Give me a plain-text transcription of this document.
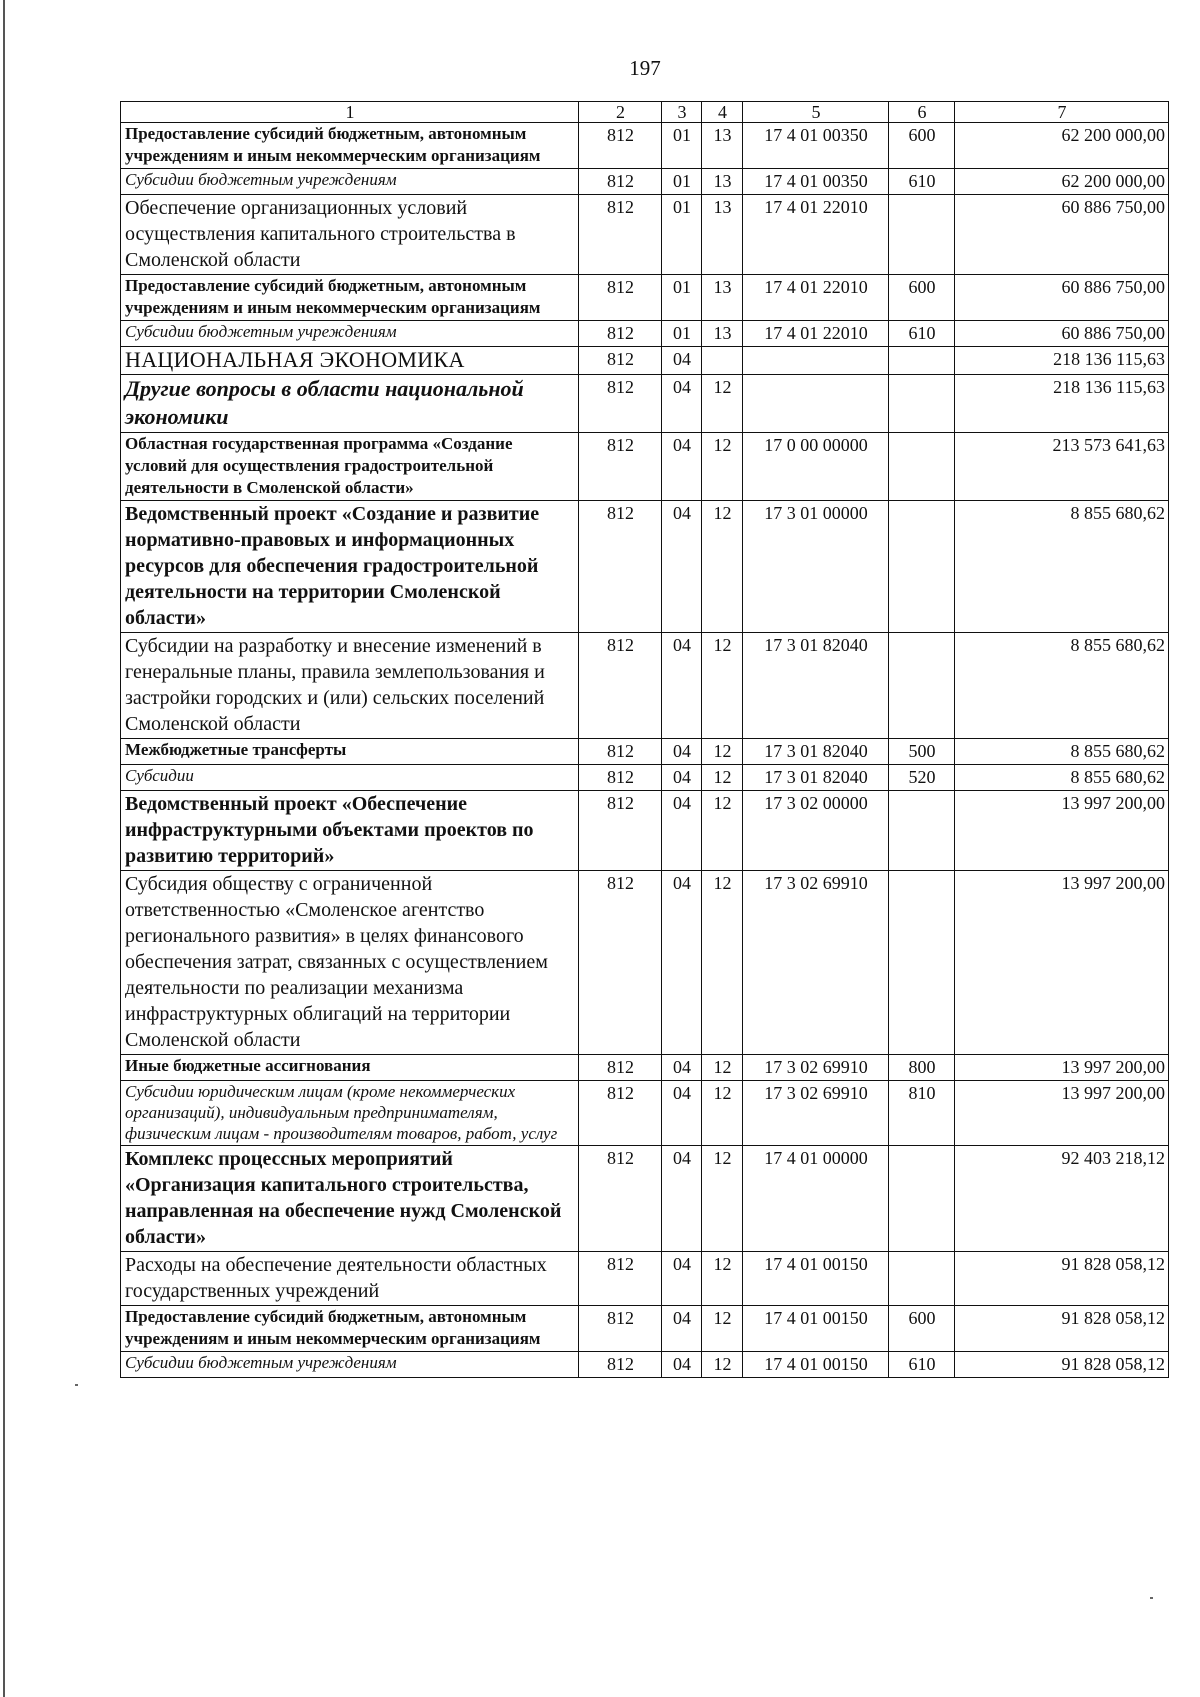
197
1	2	3	4	5	6	7
Предоставление субсидий бюджетным, автономным учреждениям и иным некоммерческим организациям	812	01	13	17 4 01 00350	600	62 200 000,00
Субсидии бюджетным учреждениям	812	01	13	17 4 01 00350	610	62 200 000,00
Обеспечение организационных условий осуществления капитального строительства в Смоленской области	812	01	13	17 4 01 22010		60 886 750,00
Предоставление субсидий бюджетным, автономным учреждениям и иным некоммерческим организациям	812	01	13	17 4 01 22010	600	60 886 750,00
Субсидии бюджетным учреждениям	812	01	13	17 4 01 22010	610	60 886 750,00
НАЦИОНАЛЬНАЯ ЭКОНОМИКА	812	04				218 136 115,63
Другие вопросы в области национальной экономики	812	04	12			218 136 115,63
Областная государственная программа «Создание условий для осуществления градостроительной деятельности в Смоленской области»	812	04	12	17 0 00 00000		213 573 641,63
Ведомственный проект «Создание и развитие нормативно-правовых и информационных ресурсов для обеспечения градостроительной деятельности на территории Смоленской области»	812	04	12	17 3 01 00000		8 855 680,62
Субсидии на разработку и внесение изменений в генеральные планы, правила землепользования и застройки городских и (или) сельских поселений Смоленской области	812	04	12	17 3 01 82040		8 855 680,62
Межбюджетные трансферты	812	04	12	17 3 01 82040	500	8 855 680,62
Субсидии	812	04	12	17 3 01 82040	520	8 855 680,62
Ведомственный проект «Обеспечение инфраструктурными объектами проектов по развитию территорий»	812	04	12	17 3 02 00000		13 997 200,00
Субсидия обществу с ограниченной ответственностью «Смоленское агентство регионального развития» в целях финансового обеспечения затрат, связанных с осуществлением деятельности по реализации механизма инфраструктурных облигаций на территории Смоленской области	812	04	12	17 3 02 69910		13 997 200,00
Иные бюджетные ассигнования	812	04	12	17 3 02 69910	800	13 997 200,00
Субсидии юридическим лицам (кроме некоммерческих организаций), индивидуальным предпринимателям, физическим лицам - производителям товаров, работ, услуг	812	04	12	17 3 02 69910	810	13 997 200,00
Комплекс процессных мероприятий «Организация капитального строительства, направленная на обеспечение нужд Смоленской области»	812	04	12	17 4 01 00000		92 403 218,12
Расходы на обеспечение деятельности областных государственных учреждений	812	04	12	17 4 01 00150		91 828 058,12
Предоставление субсидий бюджетным, автономным учреждениям и иным некоммерческим организациям	812	04	12	17 4 01 00150	600	91 828 058,12
Субсидии бюджетным учреждениям	812	04	12	17 4 01 00150	610	91 828 058,12
